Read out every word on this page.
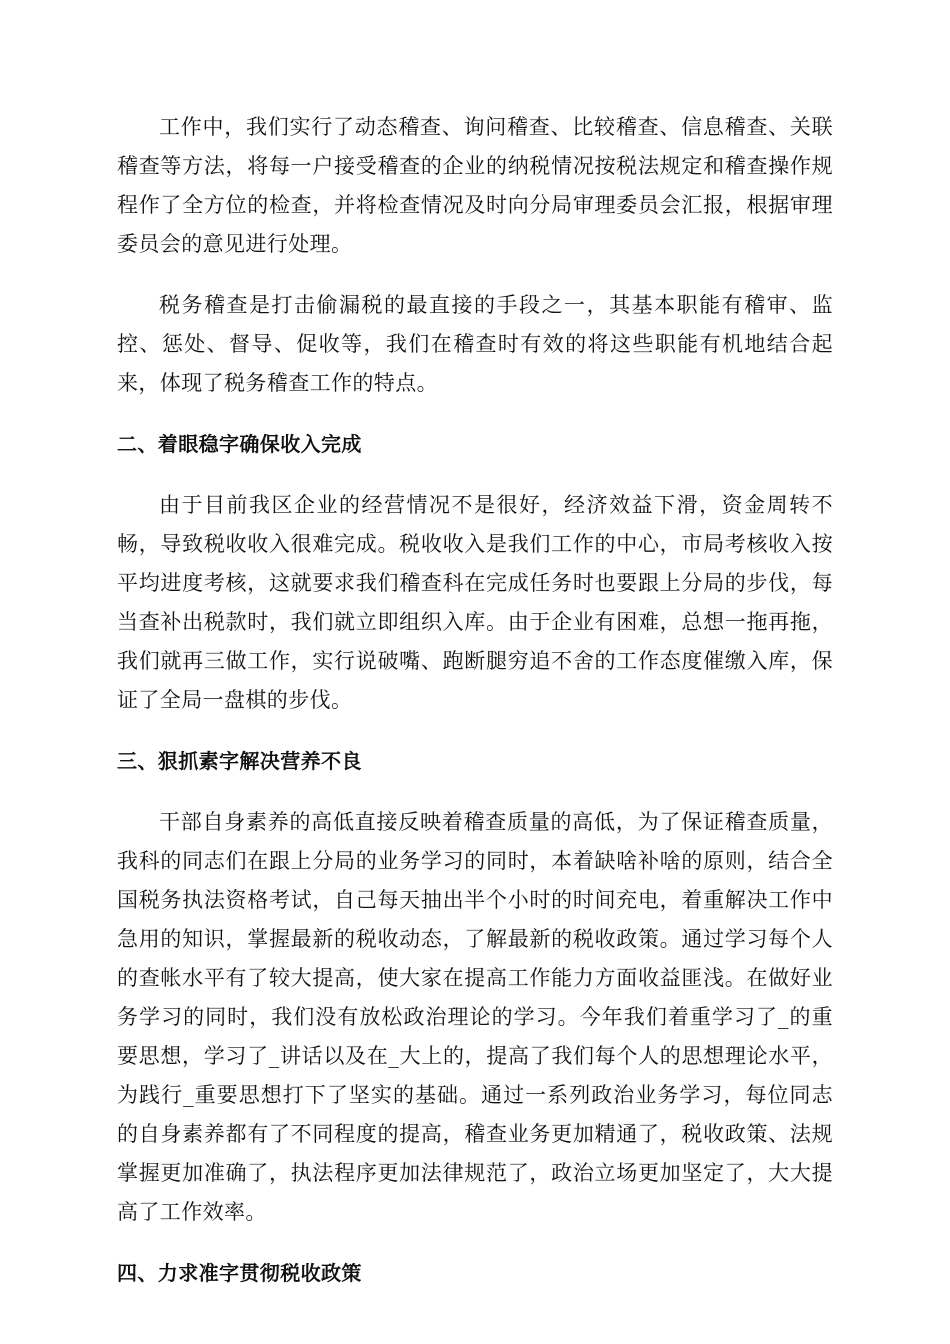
工作中，我们实行了动态稽查、询问稽查、比较稽查、信息稽查、关联稽查等方法，将每一户接受稽查的企业的纳税情况按税法规定和稽查操作规程作了全方位的检查，并将检查情况及时向分局审理委员会汇报，根据审理委员会的意见进行处理。

税务稽查是打击偷漏税的最直接的手段之一，其基本职能有稽审、监控、惩处、督导、促收等，我们在稽查时有效的将这些职能有机地结合起来，体现了税务稽查工作的特点。

二、着眼稳字确保收入完成

由于目前我区企业的经营情况不是很好，经济效益下滑，资金周转不畅，导致税收收入很难完成。税收收入是我们工作的中心，市局考核收入按平均进度考核，这就要求我们稽查科在完成任务时也要跟上分局的步伐，每当查补出税款时，我们就立即组织入库。由于企业有困难，总想一拖再拖，我们就再三做工作，实行说破嘴、跑断腿穷追不舍的工作态度催缴入库，保证了全局一盘棋的步伐。

三、狠抓素字解决营养不良

干部自身素养的高低直接反映着稽查质量的高低，为了保证稽查质量，我科的同志们在跟上分局的业务学习的同时，本着缺啥补啥的原则，结合全国税务执法资格考试，自己每天抽出半个小时的时间充电，着重解决工作中急用的知识，掌握最新的税收动态，了解最新的税收政策。通过学习每个人的查帐水平有了较大提高，使大家在提高工作能力方面收益匪浅。在做好业务学习的同时，我们没有放松政治理论的学习。今年我们着重学习了_的重要思想，学习了_讲话以及在_大上的，提高了我们每个人的思想理论水平，为践行_重要思想打下了坚实的基础。通过一系列政治业务学习，每位同志的自身素养都有了不同程度的提高，稽查业务更加精通了，税收政策、法规掌握更加准确了，执法程序更加法律规范了，政治立场更加坚定了，大大提高了工作效率。

四、力求准字贯彻税收政策
